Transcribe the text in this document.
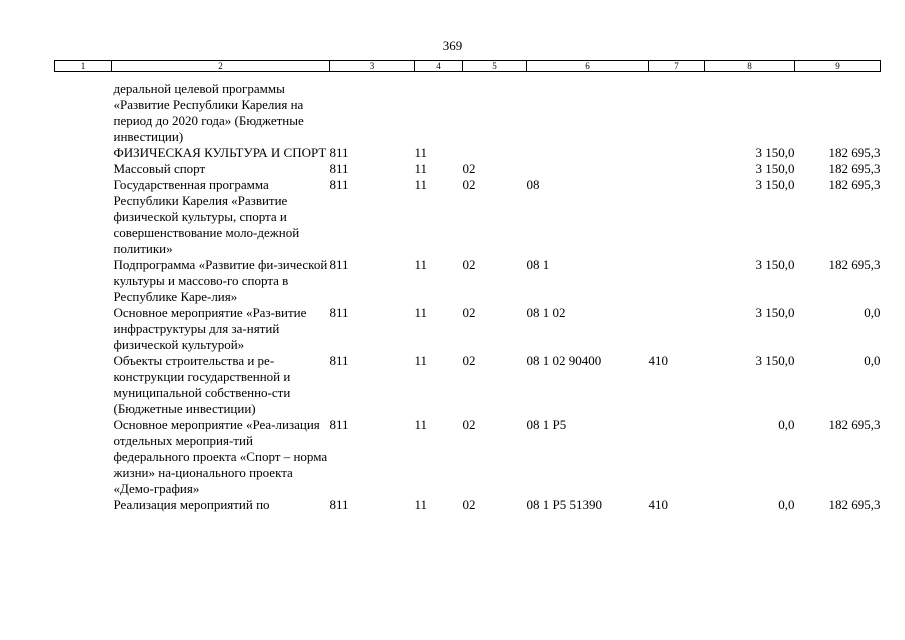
369
1	2	3	4	5	6	7	8	9
	деральной целевой программы «Развитие Республики Карелия на период до 2020 года» (Бюджетные инвестиции)							
	ФИЗИЧЕСКАЯ КУЛЬТУРА И СПОРТ	811	11				3 150,0	182 695,3
	Массовый спорт	811	11	02			3 150,0	182 695,3
	Государственная программа Республики Карелия «Развитие физической культуры, спорта и совершенствование моло-дежной политики»	811	11	02	08		3 150,0	182 695,3
	Подпрограмма «Развитие фи-зической культуры и массово-го спорта в Республике Каре-лия»	811	11	02	08 1		3 150,0	182 695,3
	Основное мероприятие «Раз-витие инфраструктуры для за-нятий физической культурой»	811	11	02	08 1 02		3 150,0	0,0
	Объекты строительства и ре-конструкции государственной и муниципальной собственно-сти (Бюджетные инвестиции)	811	11	02	08 1 02 90400	410	3 150,0	0,0
	Основное мероприятие «Реа-лизация отдельных мероприя-тий федерального проекта «Спорт – норма жизни» на-ционального проекта «Демо-графия»	811	11	02	08 1 P5		0,0	182 695,3
	Реализация мероприятий по	811	11	02	08 1 P5 51390	410	0,0	182 695,3
